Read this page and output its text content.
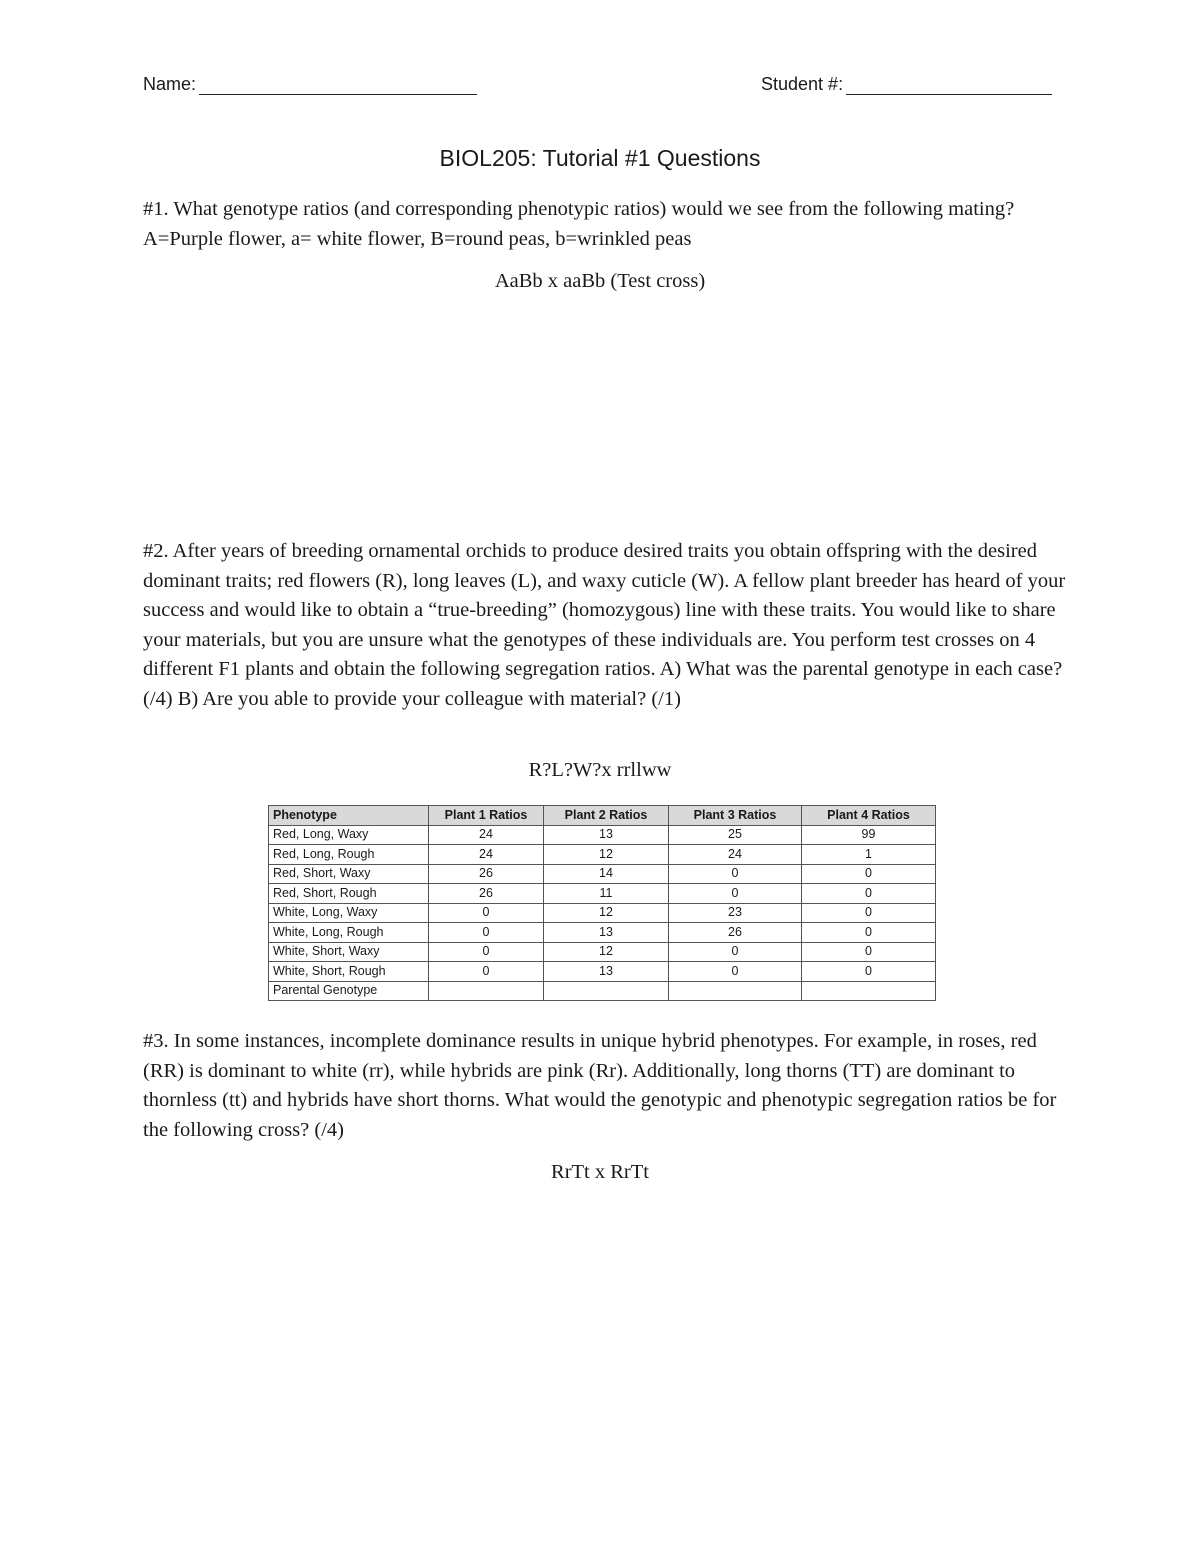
Name:	Student #:
BIOL205: Tutorial #1 Questions
#1. What genotype ratios (and corresponding phenotypic ratios) would we see from the following mating? A=Purple flower, a= white flower, B=round peas, b=wrinkled peas
AaBb x aaBb (Test cross)
#2. After years of breeding ornamental orchids to produce desired traits you obtain offspring with the desired dominant traits; red flowers (R), long leaves (L), and waxy cuticle (W). A fellow plant breeder has heard of your success and would like to obtain a “true-breeding” (homozygous) line with these traits. You would like to share your materials, but you are unsure what the genotypes of these individuals are. You perform test crosses on 4 different F1 plants and obtain the following segregation ratios. A) What was the parental genotype in each case? (/4) B) Are you able to provide your colleague with material? (/1)
R?L?W?x rrllww
Phenotype	Plant 1 Ratios	Plant 2 Ratios	Plant 3 Ratios	Plant 4 Ratios
Red, Long, Waxy	24	13	25	99
Red, Long, Rough	24	12	24	1
Red, Short, Waxy	26	14	0	0
Red, Short, Rough	26	11	0	0
White, Long, Waxy	0	12	23	0
White, Long, Rough	0	13	26	0
White, Short, Waxy	0	12	0	0
White, Short, Rough	0	13	0	0
Parental Genotype				
#3. In some instances, incomplete dominance results in unique hybrid phenotypes. For example, in roses, red (RR) is dominant to white (rr), while hybrids are pink (Rr). Additionally, long thorns (TT) are dominant to thornless (tt) and hybrids have short thorns. What would the genotypic and phenotypic segregation ratios be for the following cross? (/4)
RrTt x RrTt
